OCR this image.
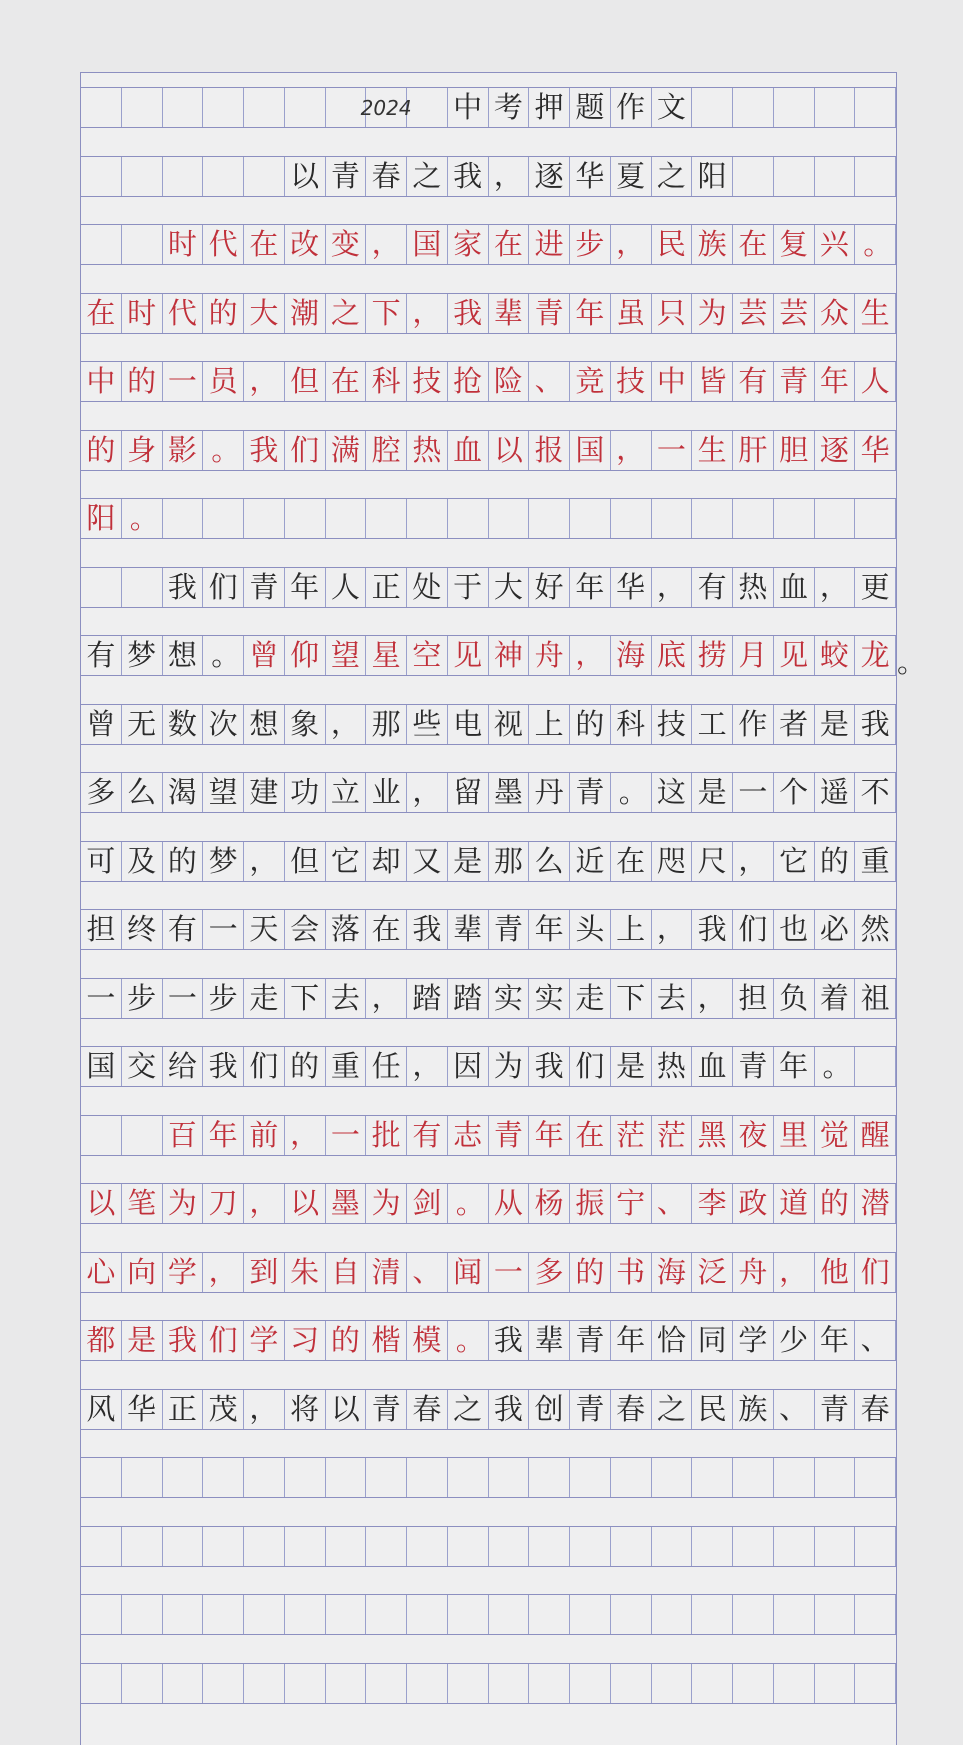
2024 中 考 押 题 作 文
以 青 春 之 我 ， 逐 华 夏 之 阳
时 代 在 改 变 ， 国 家 在 进 步 ， 民 族 在 复 兴 。
在 时 代 的 大 潮 之 下 ， 我 辈 青 年 虽 只 为 芸 芸 众 生
中 的 一 员 ， 但 在 科 技 抢 险 、 竞 技 中 皆 有 青 年 人
的 身 影 。 我 们 满 腔 热 血 以 报 国 ， 一 生 肝 胆 逐 华
阳 。
我 们 青 年 人 正 处 于 大 好 年 华 ， 有 热 血 ， 更
有 梦 想 。 曾 仰 望 星 空 见 神 舟 ， 海 底 捞 月 见 蛟 龙
曾 无 数 次 想 象 ， 那 些 电 视 上 的 科 技 工 作 者 是 我
多 么 渴 望 建 功 立 业 ， 留 墨 丹 青 。 这 是 一 个 遥 不
可 及 的 梦 ， 但 它 却 又 是 那 么 近 在 咫 尺 ， 它 的 重
担 终 有 一 天 会 落 在 我 辈 青 年 头 上 ， 我 们 也 必 然
一 步 一 步 走 下 去 ， 踏 踏 实 实 走 下 去 ， 担 负 着 祖
国 交 给 我 们 的 重 任 ， 因 为 我 们 是 热 血 青 年 。
百 年 前 ， 一 批 有 志 青 年 在 茫 茫 黑 夜 里 觉 醒
以 笔 为 刀 ， 以 墨 为 剑 。 从 杨 振 宁 、 李 政 道 的 潜
心 向 学 ， 到 朱 自 清 、 闻 一 多 的 书 海 泛 舟 ， 他 们
都 是 我 们 学 习 的 楷 模 。 我 辈 青 年 恰 同 学 少 年 、
风 华 正 茂 ， 将 以 青 春 之 我 创 青 春 之 民 族 、 青 春
。
